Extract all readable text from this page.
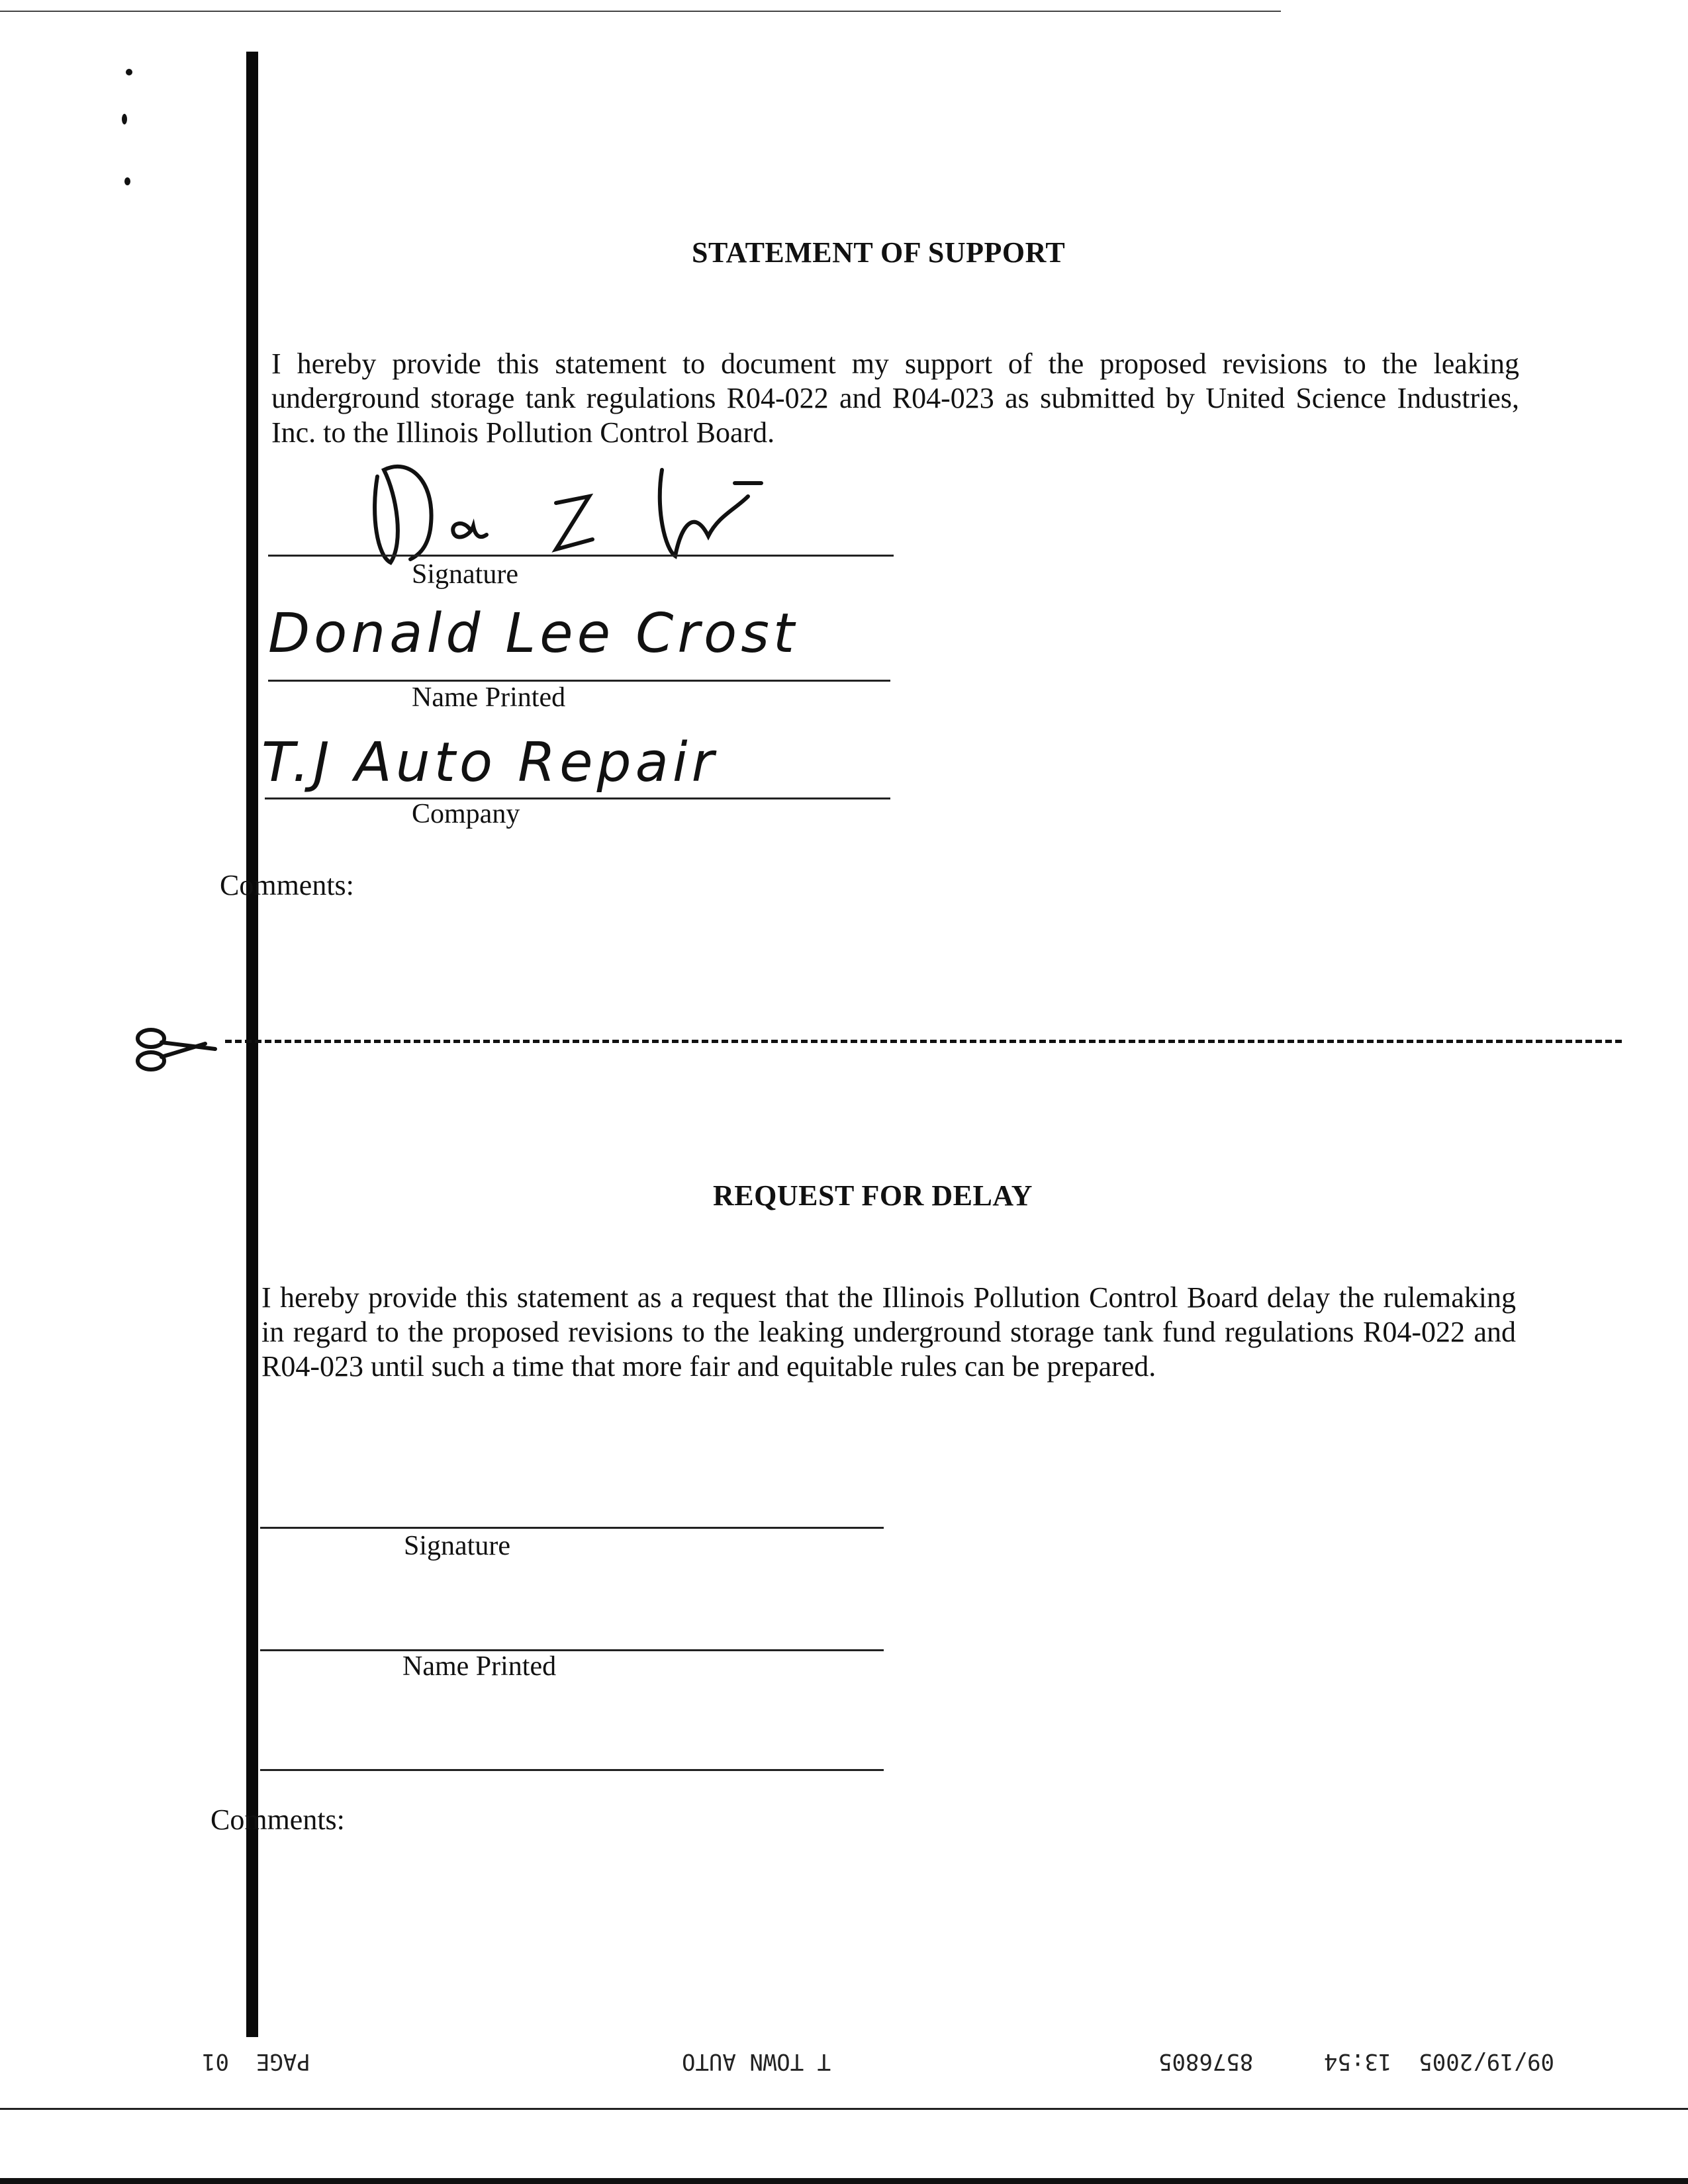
STATEMENT OF SUPPORT
I hereby provide this statement to document my support of the proposed revisions to the leaking underground storage tank regulations R04-022 and R04-023 as submitted by United Science Industries, Inc. to the Illinois Pollution Control Board.
Signature
Donald Lee Crost
Name Printed
T.J Auto Repair
Company
Comments:
REQUEST FOR DELAY
I hereby provide this statement as a request that the Illinois Pollution Control Board delay the rulemaking in regard to the proposed revisions to the leaking underground storage tank fund regulations R04-022 and R04-023 until such a time that more fair and equitable rules can be prepared.
Signature
Name Printed
Comments:
09/19/2005  13:54
8576805
T TOWN AUTO
PAGE  01
